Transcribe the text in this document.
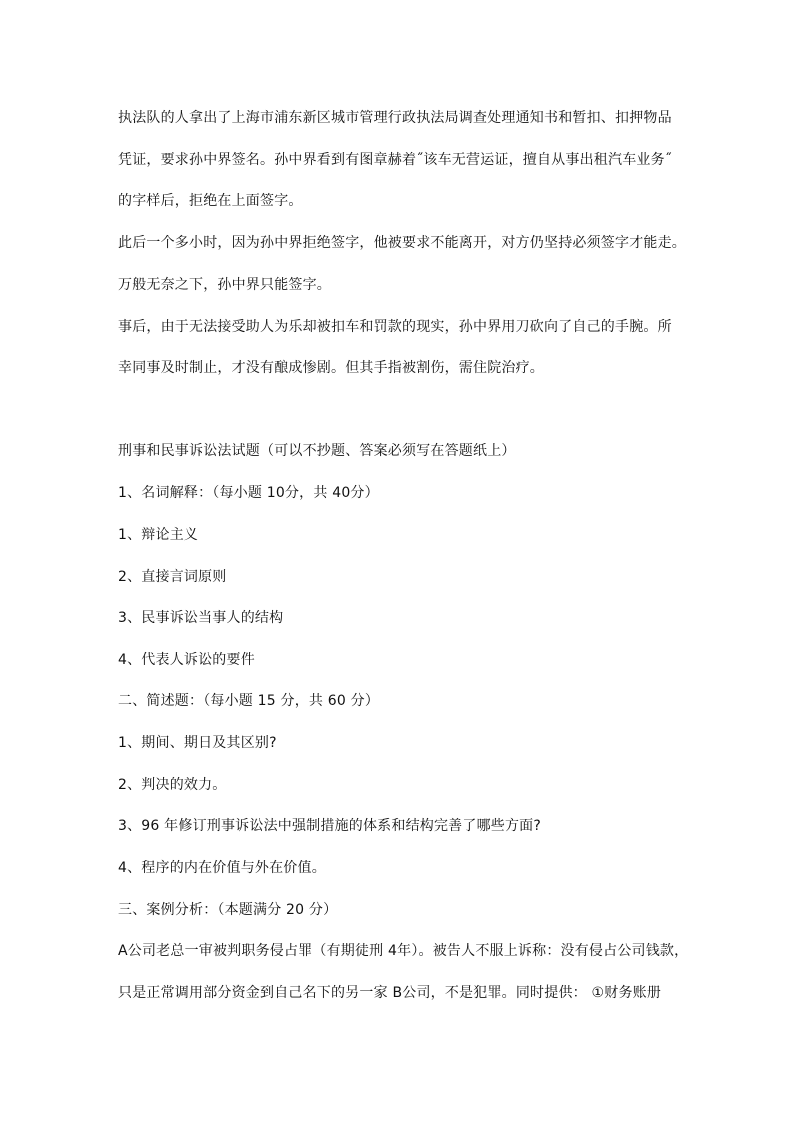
执法队的人拿出了上海市浦东新区城市管理行政执法局调查处理通知书和暂扣、扣押物品
凭证，要求孙中界签名。孙中界看到有图章赫着˝该车无营运证，擅自从事出租汽车业务˝
的字样后，拒绝在上面签字。
此后一个多小时，因为孙中界拒绝签字，他被要求不能离开，对方仍坚持必须签字才能走。
万般无奈之下，孙中界只能签字。
事后，由于无法接受助人为乐却被扣车和罚款的现实，孙中界用刀砍向了自己的手腕。所
幸同事及时制止，才没有酿成惨剧。但其手指被割伤，需住院治疗。
刑事和民事诉讼法试题（可以不抄题、答案必须写在答题纸上）
1、名词解释：（每小题 10分，共 40分）
1、辩论主义
2、直接言词原则
3、民事诉讼当事人的结构
4、代表人诉讼的要件
二、简述题：（每小题 15 分，共 60 分）
1、期间、期日及其区别?
2、判决的效力。
3、96 年修订刑事诉讼法中强制措施的体系和结构完善了哪些方面?
4、程序的内在价值与外在价值。
三、案例分析：（本题满分 20 分）
A公司老总一审被判职务侵占罪（有期徒刑 4年）。被告人不服上诉称：没有侵占公司钱款，
只是正常调用部分资金到自己名下的另一家 B公司，不是犯罪。同时提供： ①财务账册
